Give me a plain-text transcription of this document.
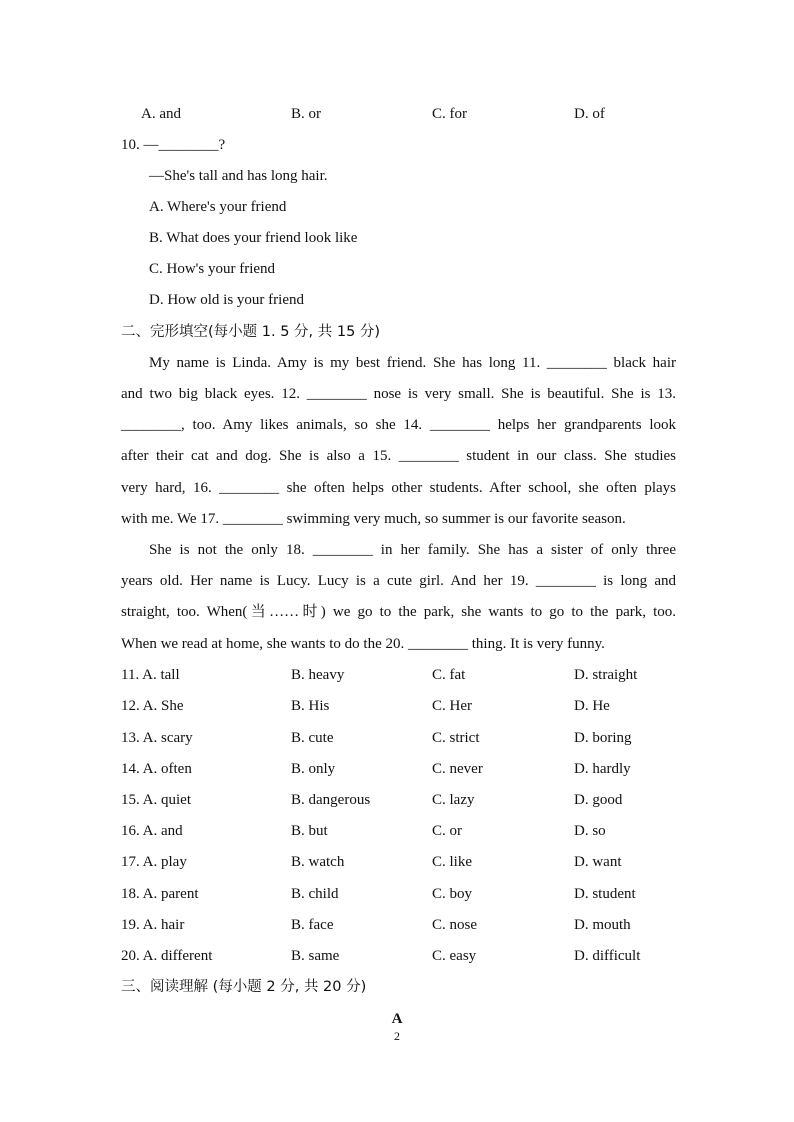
A. and	B. or	C. for	D. of
10. —________?
—She's tall and has long hair.
A. Where's your friend
B. What does your friend look like
C. How's your friend
D. How old is your friend
二、完形填空(每小题 1. 5 分, 共 15 分)
My name is Linda. Amy is my best friend. She has long 11. ________ black hair
and two big black eyes. 12. ________ nose is very small. She is beautiful. She is 13.
________, too. Amy likes animals, so she 14. ________ helps her grandparents look
after their cat and dog. She is also a 15. ________ student in our class. She studies
very hard, 16. ________ she often helps other students. After school, she often plays
with me. We 17. ________ swimming very much, so summer is our favorite season.
She is not the only 18. ________ in her family. She has a sister of only three
years old. Her name is Lucy. Lucy is a cute girl. And her 19. ________ is long and
straight, too. When(当……时) we go to the park, she wants to go to the park, too.
When we read at home, she wants to do the 20. ________ thing. It is very funny.
11. A. tall	B. heavy	C. fat	D. straight
12. A. She	B. His	C. Her	D. He
13. A. scary	B. cute	C. strict	D. boring
14. A. often	B. only	C. never	D. hardly
15. A. quiet	B. dangerous	C. lazy	D. good
16. A. and	B. but	C. or	D. so
17. A. play	B. watch	C. like	D. want
18. A. parent	B. child	C. boy	D. student
19. A. hair	B. face	C. nose	D. mouth
20. A. different	B. same	C. easy	D. difficult
三、阅读理解 (每小题 2 分, 共 20 分)
A
2
